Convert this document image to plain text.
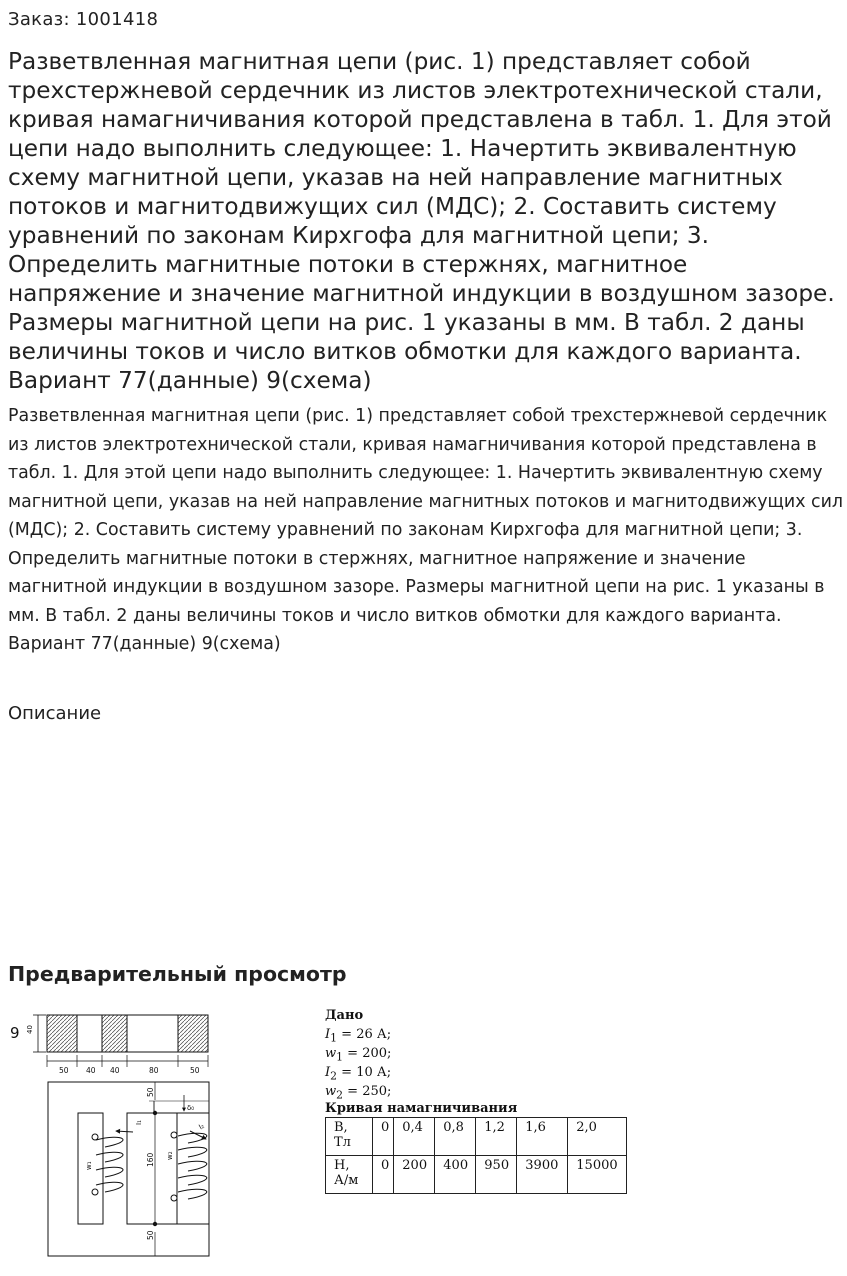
Заказ: 1001418
Разветвленная магнитная цепи (рис. 1) представляет собой трехстержневой сердечник из листов электротехнической стали, кривая намагничивания которой представлена в табл. 1. Для этой цепи надо выполнить следующее: 1. Начертить эквивалентную схему магнитной цепи, указав на ней направление магнитных потоков и магнитодвижущих сил (МДС); 2. Составить систему уравнений по законам Кирхгофа для магнитной цепи; 3. Определить магнитные потоки в стержнях, магнитное напряжение и значение магнитной индукции в воздушном зазоре. Размеры магнитной цепи на рис. 1 указаны в мм. В табл. 2 даны величины токов и число витков обмотки для каждого варианта. Вариант 77(данные) 9(схема)

Разветвленная магнитная цепи (рис. 1) представляет собой трехстержневой сердечник из листов электротехнической стали, кривая намагничивания которой представлена в табл. 1. Для этой цепи надо выполнить следующее: 1. Начертить эквивалентную схему магнитной цепи, указав на ней направление магнитных потоков и магнитодвижущих сил (МДС); 2. Составить систему уравнений по законам Кирхгофа для магнитной цепи; 3. Определить магнитные потоки в стержнях, магнитное напряжение и значение магнитной индукции в воздушном зазоре. Размеры магнитной цепи на рис. 1 указаны в мм. В табл. 2 даны величины токов и число витков обмотки для каждого варианта. Вариант 77(данные) 9(схема)

Описание
Предварительный просмотр
9 40
50 40 40	80	50
δ₀
50
160
50
w₁
I₁
w₂
I₂
Дано
$I_1 = 26$ А;
$w_1 = 200$;
$I_2 = 10$ А;
$w_2 = 250$;
Кривая намагничивания
В,
Тл	0	0,4	0,8	1,2	1,6	2,0
Н,
А/м	0	200	400	950	3900	15000
